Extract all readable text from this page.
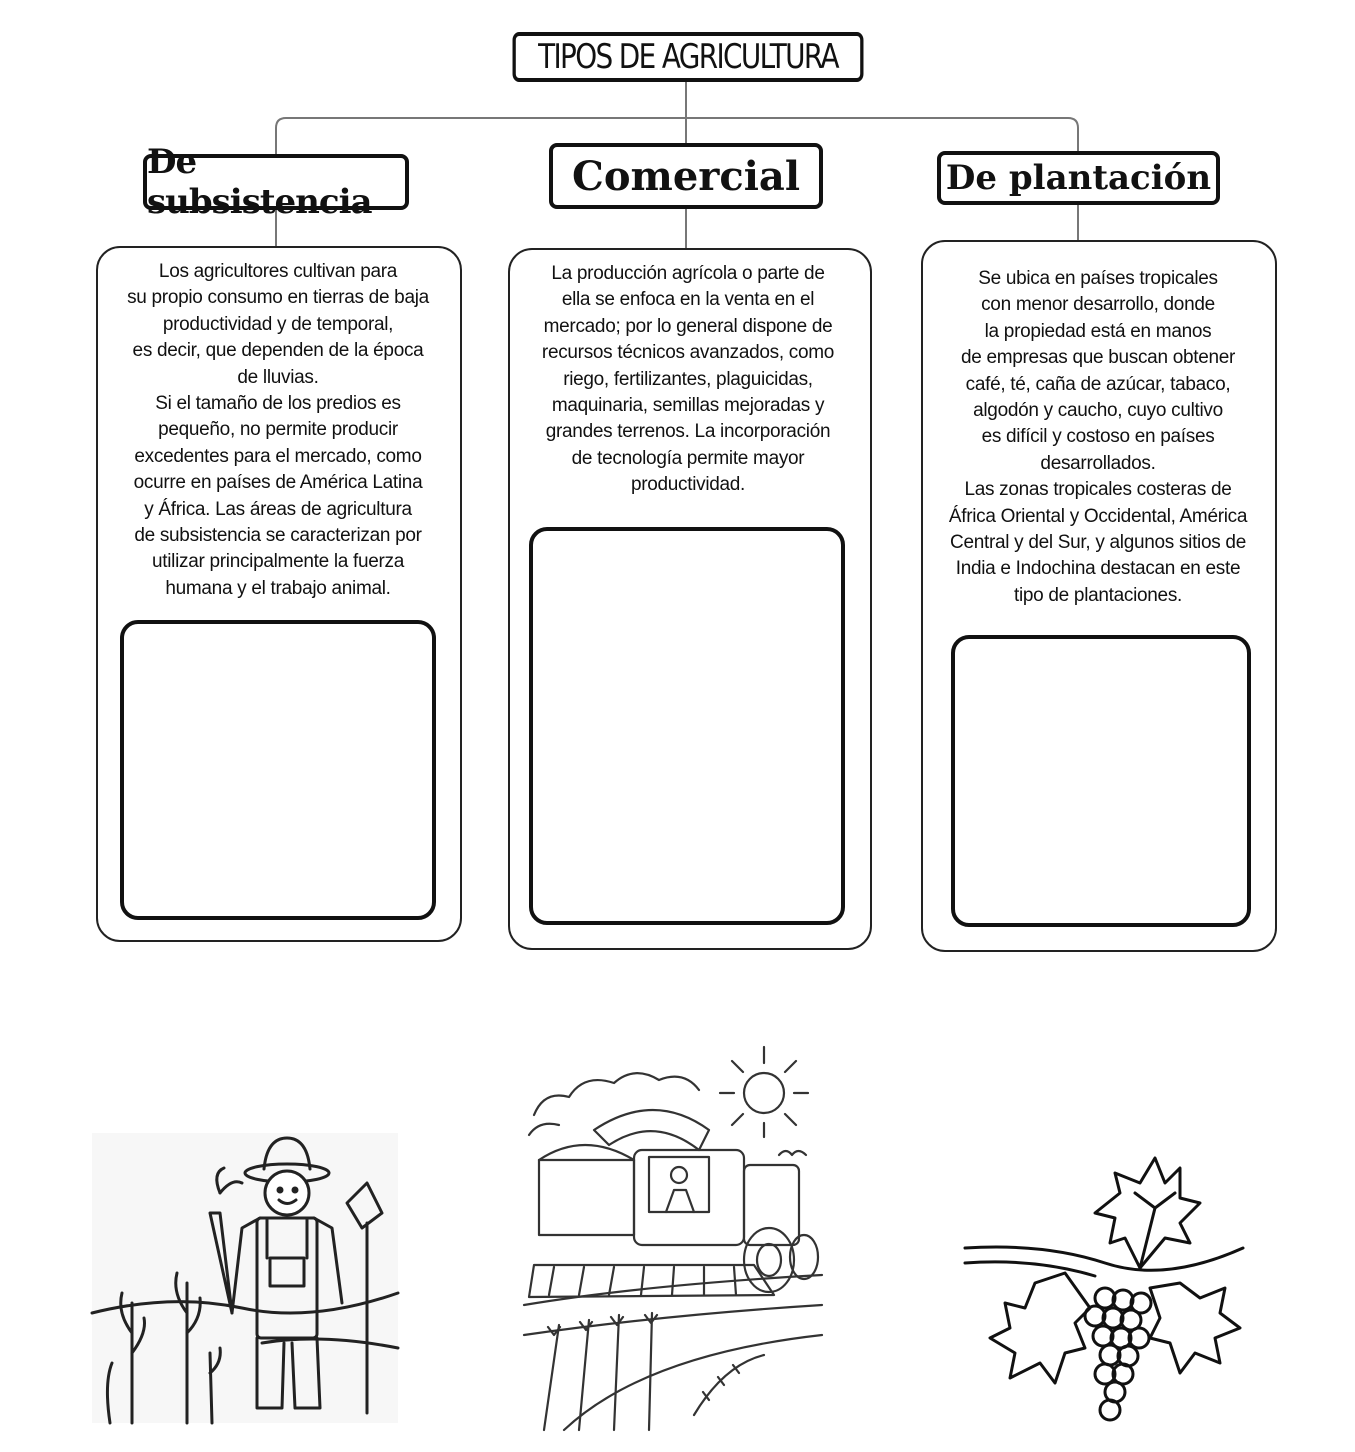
TIPOS DE AGRICULTURA
De subsistencia
Comercial	De plantación
Los agricultores cultivan para
su propio consumo en tierras de baja
productividad y de temporal,
es decir, que dependen de la época
de lluvias.
Si el tamaño de los predios es
pequeño, no permite producir
excedentes para el mercado, como
ocurre en países de América Latina
y África. Las áreas de agricultura
de subsistencia se caracterizan por
utilizar principalmente la fuerza
humana y el trabajo animal.
La producción agrícola o parte de
ella se enfoca en la venta en el
mercado; por lo general dispone de
recursos técnicos avanzados, como
riego, fertilizantes, plaguicidas,
maquinaria, semillas mejoradas y
grandes terrenos. La incorporación
de tecnología permite mayor
productividad.
Se ubica en países tropicales
con menor desarrollo, donde
la propiedad está en manos
de empresas que buscan obtener
café, té, caña de azúcar, tabaco,
algodón y caucho, cuyo cultivo
es difícil y costoso en países
desarrollados.
Las zonas tropicales costeras de
África Oriental y Occidental, América
Central y del Sur, y algunos sitios de
India e Indochina destacan en este
tipo de plantaciones.
